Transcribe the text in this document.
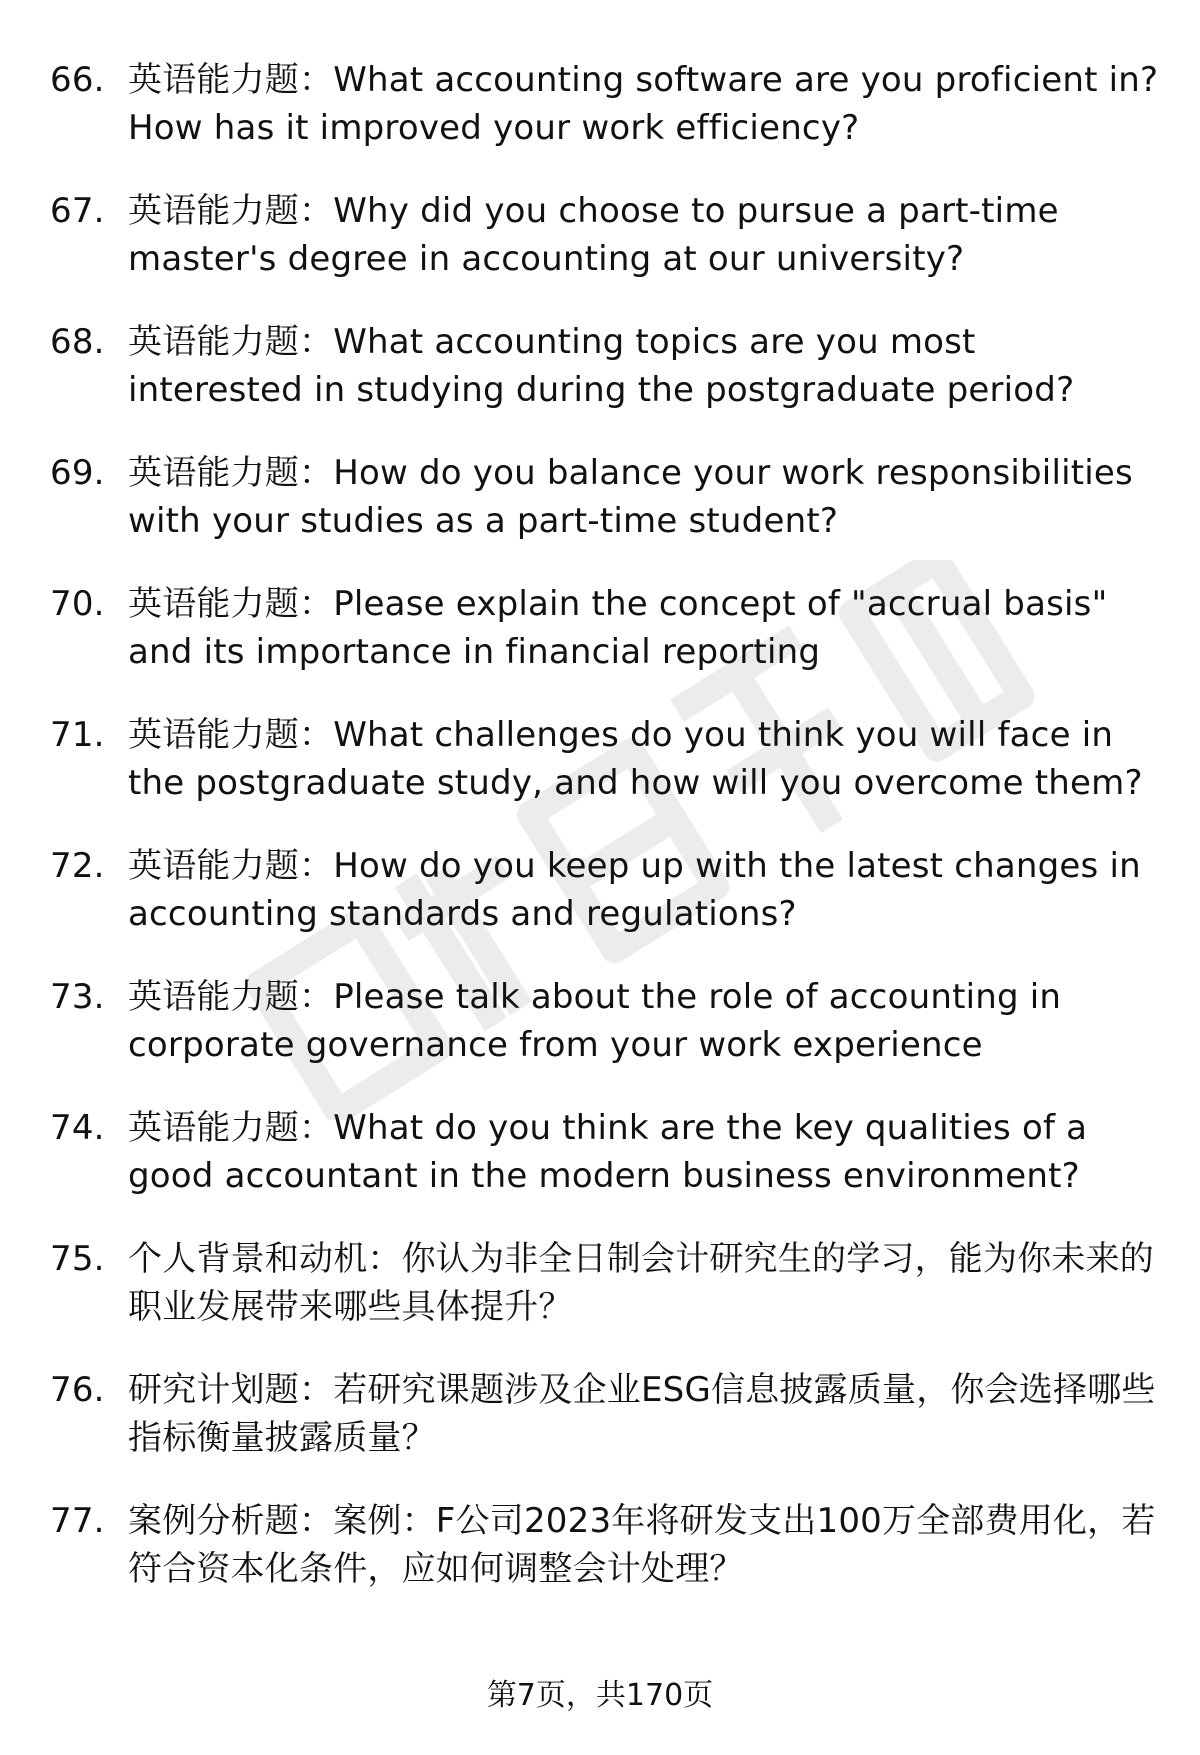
66. 英语能力题：What accounting software are you proficient in? How has it improved your work efficiency?
67. 英语能力题：Why did you choose to pursue a part-time master's degree in accounting at our university?
68. 英语能力题：What accounting topics are you most interested in studying during the postgraduate period?
69. 英语能力题：How do you balance your work responsibilities with your studies as a part-time student?
70. 英语能力题：Please explain the concept of "accrual basis" and its importance in financial reporting
71. 英语能力题：What challenges do you think you will face in the postgraduate study, and how will you overcome them?
72. 英语能力题：How do you keep up with the latest changes in accounting standards and regulations?
73. 英语能力题：Please talk about the role of accounting in corporate governance from your work experience
74. 英语能力题：What do you think are the key qualities of a good accountant in the modern business environment?
75. 个人背景和动机：你认为非全日制会计研究生的学习，能为你未来的职业发展带来哪些具体提升？
76. 研究计划题：若研究课题涉及企业ESG信息披露质量，你会选择哪些指标衡量披露质量？
77. 案例分析题：案例：F公司2023年将研发支出100万全部费用化，若符合资本化条件，应如何调整会计处理？
第7页，共170页
